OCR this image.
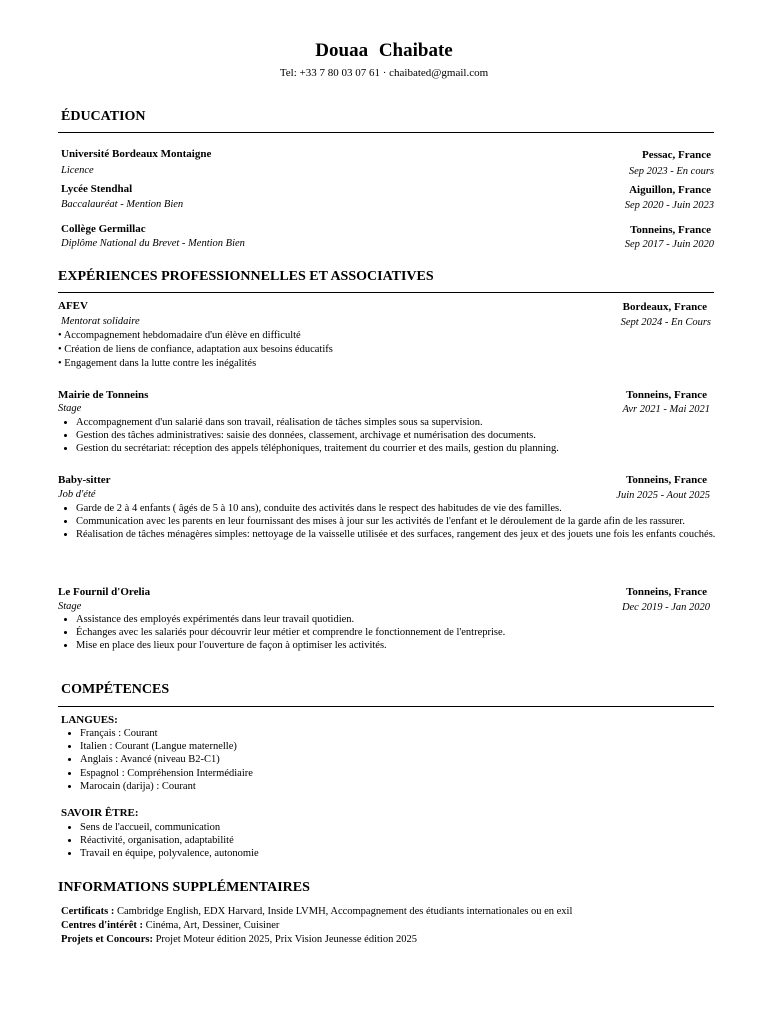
Douaa Chaibate
Tel: +33 7 80 03 07 61 · chaibated@gmail.com
ÉDUCATION
Université Bordeaux Montaigne	Pessac, France
Licence	Sep 2023 - En cours
Lycée Stendhal	Aiguillon, France
Baccalauréat - Mention Bien	Sep 2020 - Juin 2023
Collège Germillac	Tonneins, France
Diplôme National du Brevet - Mention Bien	Sep 2017 - Juin 2020
EXPÉRIENCES PROFESSIONNELLES ET ASSOCIATIVES
AFEV	Bordeaux, France
Mentorat solidaire	Sept 2024 - En Cours
• Accompagnement hebdomadaire d'un élève en difficulté
• Création de liens de confiance, adaptation aux besoins éducatifs
• Engagement dans la lutte contre les inégalités
Mairie de Tonneins	Tonneins, France
Stage	Avr 2021 - Mai 2021
• Accompagnement d'un salarié dans son travail, réalisation de tâches simples sous sa supervision.
• Gestion des tâches administratives: saisie des données, classement, archivage et numérisation des documents.
• Gestion du secrétariat: réception des appels téléphoniques, traitement du courrier et des mails, gestion du planning.
Baby-sitter	Tonneins, France
Job d'été	Juin 2025 - Aout 2025
• Garde de 2 à 4 enfants ( âgés de 5 à 10 ans), conduite des activités dans le respect des habitudes de vie des familles.
• Communication avec les parents en leur fournissant des mises à jour sur les activités de l'enfant et le déroulement de la garde afin de les rassurer.
• Réalisation de tâches ménagères simples: nettoyage de la vaisselle utilisée et des surfaces, rangement des jeux et des jouets une fois les enfants couchés.
Le Fournil d'Orelia	Tonneins, France
Stage	Dec 2019 - Jan 2020
• Assistance des employés expérimentés dans leur travail quotidien.
• Échanges avec les salariés pour découvrir leur métier et comprendre le fonctionnement de l'entreprise.
• Mise en place des lieux pour l'ouverture de façon à optimiser les activités.
COMPÉTENCES
LANGUES:
• Français : Courant
• Italien : Courant (Langue maternelle)
• Anglais : Avancé (niveau B2-C1)
• Espagnol : Compréhension Intermédiaire
• Marocain (darija) : Courant
SAVOIR ÊTRE:
• Sens de l'accueil, communication
• Réactivité, organisation, adaptabilité
• Travail en équipe, polyvalence, autonomie
INFORMATIONS SUPPLÉMENTAIRES
Certificats : Cambridge English, EDX Harvard, Inside LVMH, Accompagnement des étudiants internationales ou en exil
Centres d'intérêt : Cinéma, Art, Dessiner, Cuisiner
Projets et Concours: Projet Moteur édition 2025, Prix Vision Jeunesse édition 2025
